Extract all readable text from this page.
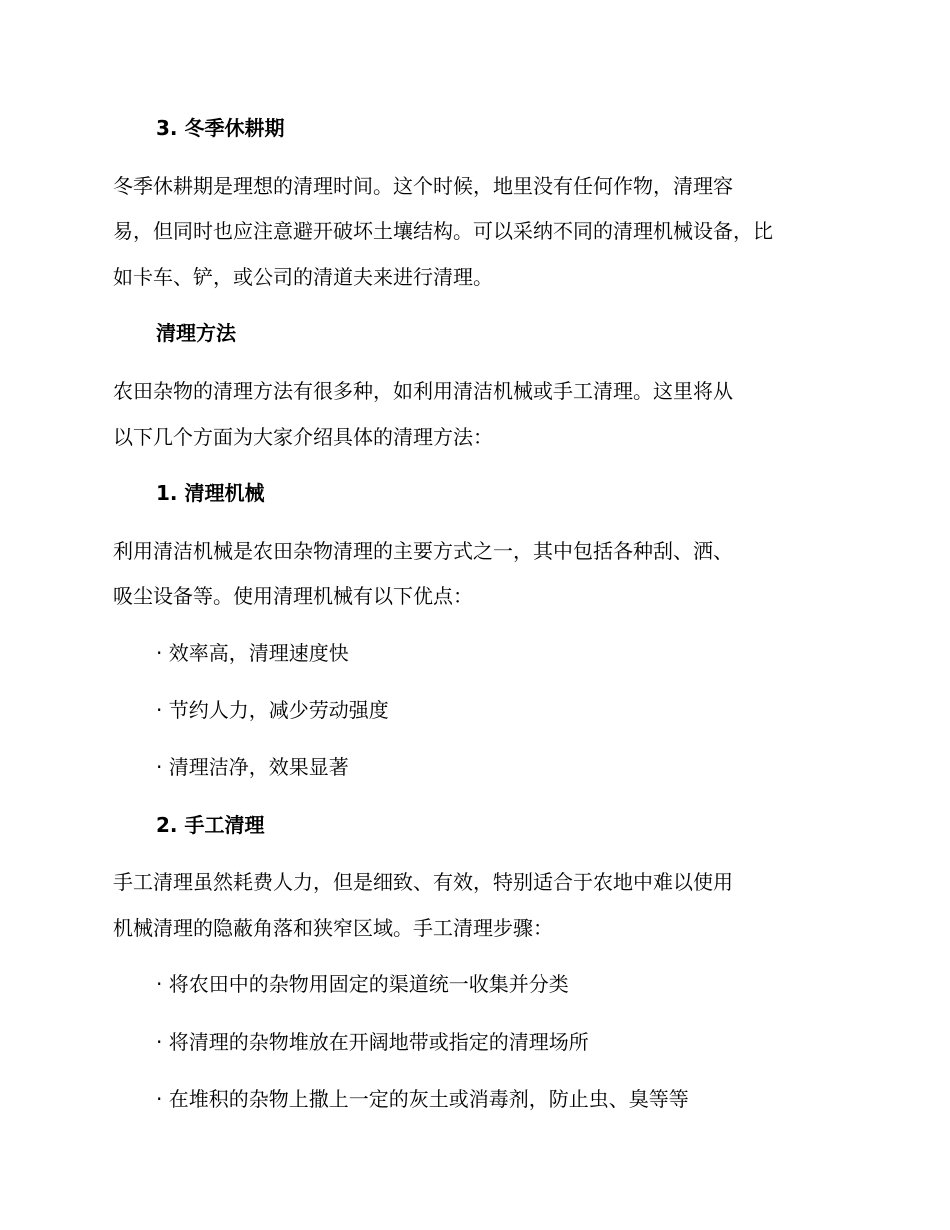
3. 冬季休耕期
冬季休耕期是理想的清理时间。这个时候，地里没有任何作物，清理容
易，但同时也应注意避开破坏土壤结构。可以采纳不同的清理机械设备，比
如卡车、铲，或公司的清道夫来进行清理。
清理方法
农田杂物的清理方法有很多种，如利用清洁机械或手工清理。这里将从
以下几个方面为大家介绍具体的清理方法：
1. 清理机械
利用清洁机械是农田杂物清理的主要方式之一，其中包括各种刮、洒、
吸尘设备等。使用清理机械有以下优点：
· 效率高，清理速度快
· 节约人力，减少劳动强度
· 清理洁净，效果显著
2. 手工清理
手工清理虽然耗费人力，但是细致、有效，特别适合于农地中难以使用
机械清理的隐蔽角落和狭窄区域。手工清理步骤：
· 将农田中的杂物用固定的渠道统一收集并分类
· 将清理的杂物堆放在开阔地带或指定的清理场所
· 在堆积的杂物上撒上一定的灰土或消毒剂，防止虫、臭等等
